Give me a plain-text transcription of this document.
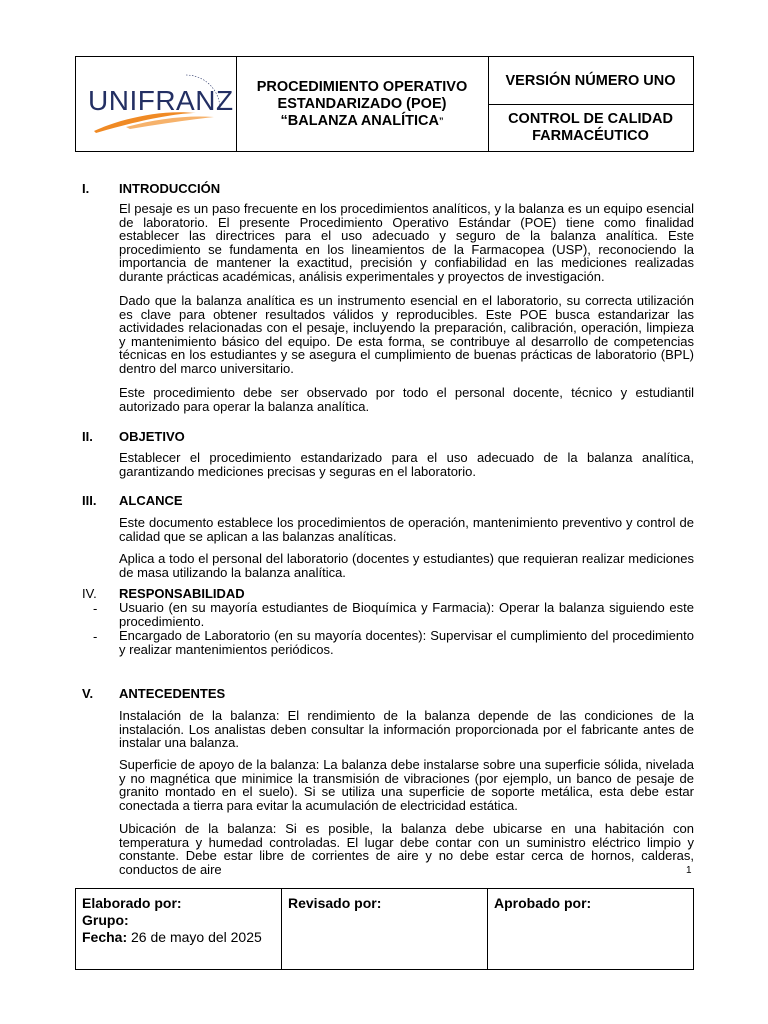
UNIFRANZ PROCEDIMIENTO OPERATIVO
ESTANDARIZADO (POE)
“BALANZA ANALÍTICA”
VERSIÓN NÚMERO UNO
CONTROL DE CALIDAD
FARMACÉUTICO
I. INTRODUCCIÓN
El pesaje es un paso frecuente en los procedimientos analíticos, y la balanza es un equipo esencial de laboratorio. El presente Procedimiento Operativo Estándar (POE) tiene como finalidad establecer las directrices para el uso adecuado y seguro de la balanza analítica. Este procedimiento se fundamenta en los lineamientos de la Farmacopea (USP), reconociendo la importancia de mantener la exactitud, precisión y confiabilidad en las mediciones realizadas durante prácticas académicas, análisis experimentales y proyectos de investigación.
Dado que la balanza analítica es un instrumento esencial en el laboratorio, su correcta utilización es clave para obtener resultados válidos y reproducibles. Este POE busca estandarizar las actividades relacionadas con el pesaje, incluyendo la preparación, calibración, operación, limpieza y mantenimiento básico del equipo. De esta forma, se contribuye al desarrollo de competencias técnicas en los estudiantes y se asegura el cumplimiento de buenas prácticas de laboratorio (BPL) dentro del marco universitario.
Este procedimiento debe ser observado por todo el personal docente, técnico y estudiantil autorizado para operar la balanza analítica.
II. OBJETIVO
Establecer el procedimiento estandarizado para el uso adecuado de la balanza analítica, garantizando mediciones precisas y seguras en el laboratorio.
III. ALCANCE
Este documento establece los procedimientos de operación, mantenimiento preventivo y control de calidad que se aplican a las balanzas analíticas.
Aplica a todo el personal del laboratorio (docentes y estudiantes) que requieran realizar mediciones de masa utilizando la balanza analítica.
IV. RESPONSABILIDAD
- Usuario (en su mayoría estudiantes de Bioquímica y Farmacia): Operar la balanza siguiendo este procedimiento.
- Encargado de Laboratorio (en su mayoría docentes): Supervisar el cumplimiento del procedimiento y realizar mantenimientos periódicos.
V. ANTECEDENTES
Instalación de la balanza: El rendimiento de la balanza depende de las condiciones de la instalación. Los analistas deben consultar la información proporcionada por el fabricante antes de instalar una balanza.
Superficie de apoyo de la balanza: La balanza debe instalarse sobre una superficie sólida, nivelada y no magnética que minimice la transmisión de vibraciones (por ejemplo, un banco de pesaje de granito montado en el suelo). Si se utiliza una superficie de soporte metálica, esta debe estar conectada a tierra para evitar la acumulación de electricidad estática.
Ubicación de la balanza: Si es posible, la balanza debe ubicarse en una habitación con temperatura y humedad controladas. El lugar debe contar con un suministro eléctrico limpio y constante. Debe estar libre de corrientes de aire y no debe estar cerca de hornos, calderas, conductos de aire	1
Elaborado por:
Grupo:
Fecha: 26 de mayo del 2025
Revisado por:	Aprobado por:
